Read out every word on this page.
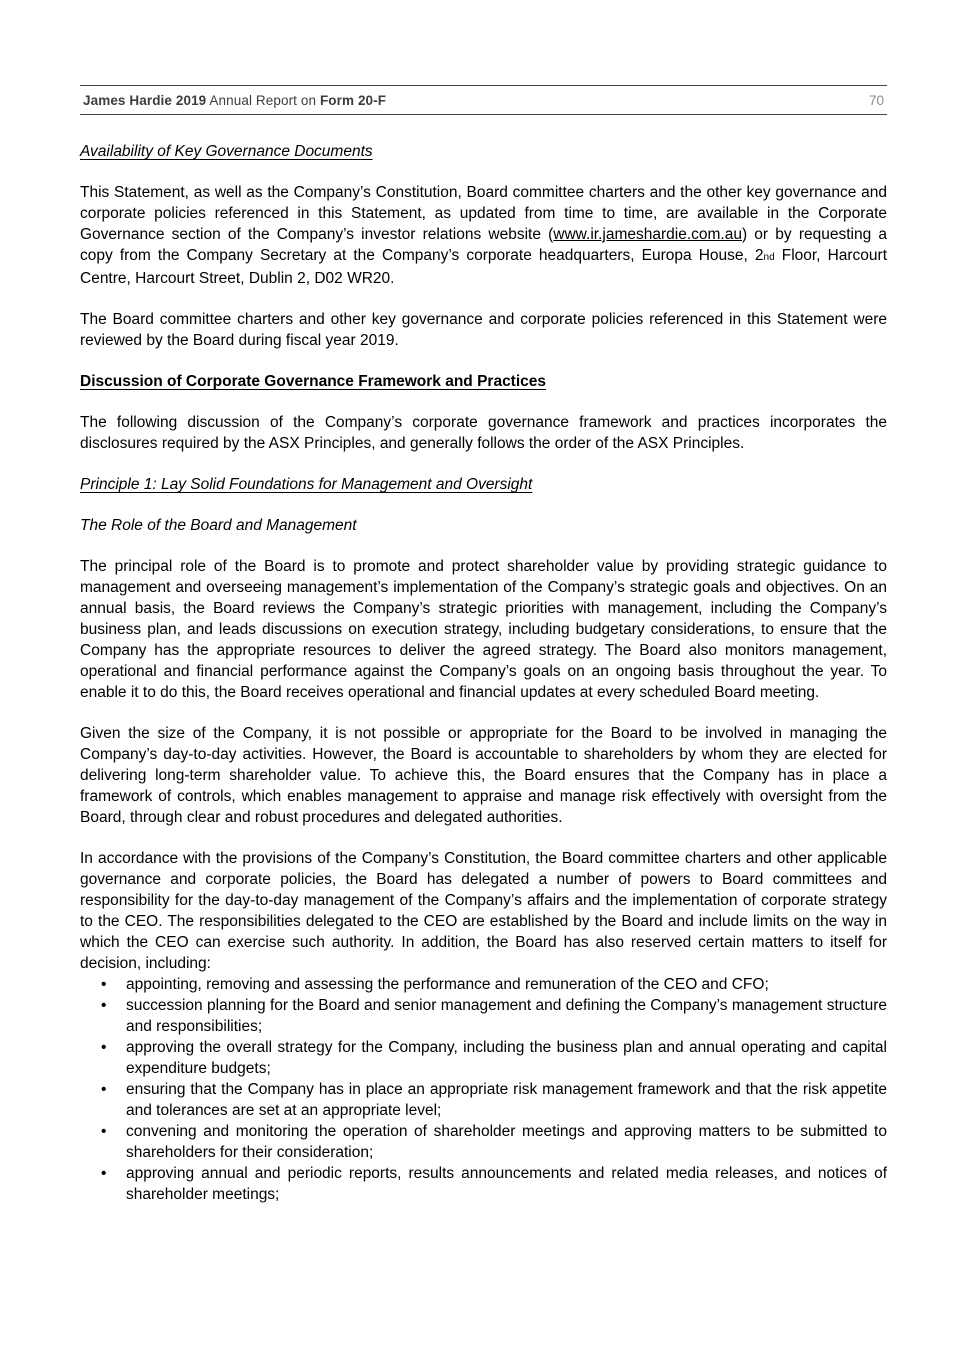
James Hardie 2019 Annual Report on Form 20-F	70
Availability of Key Governance Documents

This Statement, as well as the Company’s Constitution, Board committee charters and the other key governance and corporate policies referenced in this Statement, as updated from time to time, are available in the Corporate Governance section of the Company’s investor relations website (www.ir.jameshardie.com.au) or by requesting a copy from the Company Secretary at the Company’s corporate headquarters, Europa House, 2nd Floor, Harcourt Centre, Harcourt Street, Dublin 2, D02 WR20.

The Board committee charters and other key governance and corporate policies referenced in this Statement were reviewed by the Board during fiscal year 2019.

Discussion of Corporate Governance Framework and Practices

The following discussion of the Company’s corporate governance framework and practices incorporates the disclosures required by the ASX Principles, and generally follows the order of the ASX Principles.

Principle 1: Lay Solid Foundations for Management and Oversight
The Role of the Board and Management

The principal role of the Board is to promote and protect shareholder value by providing strategic guidance to management and overseeing management’s implementation of the Company’s strategic goals and objectives. On an annual basis, the Board reviews the Company’s strategic priorities with management, including the Company’s business plan, and leads discussions on execution strategy, including budgetary considerations, to ensure that the Company has the appropriate resources to deliver the agreed strategy. The Board also monitors management, operational and financial performance against the Company’s goals on an ongoing basis throughout the year. To enable it to do this, the Board receives operational and financial updates at every scheduled Board meeting.

Given the size of the Company, it is not possible or appropriate for the Board to be involved in managing the Company’s day-to-day activities. However, the Board is accountable to shareholders by whom they are elected for delivering long-term shareholder value. To achieve this, the Board ensures that the Company has in place a framework of controls, which enables management to appraise and manage risk effectively with oversight from the Board, through clear and robust procedures and delegated authorities.

In accordance with the provisions of the Company’s Constitution, the Board committee charters and other applicable governance and corporate policies, the Board has delegated a number of powers to Board committees and responsibility for the day-to-day management of the Company’s affairs and the implementation of corporate strategy to the CEO. The responsibilities delegated to the CEO are established by the Board and include limits on the way in which the CEO can exercise such authority. In addition, the Board has also reserved certain matters to itself for decision, including:

• appointing, removing and assessing the performance and remuneration of the CEO and CFO;
• succession planning for the Board and senior management and defining the Company’s management structure and responsibilities;
• approving the overall strategy for the Company, including the business plan and annual operating and capital expenditure budgets;
• ensuring that the Company has in place an appropriate risk management framework and that the risk appetite and tolerances are set at an appropriate level;
• convening and monitoring the operation of shareholder meetings and approving matters to be submitted to shareholders for their consideration;
• approving annual and periodic reports, results announcements and related media releases, and notices of shareholder meetings;
